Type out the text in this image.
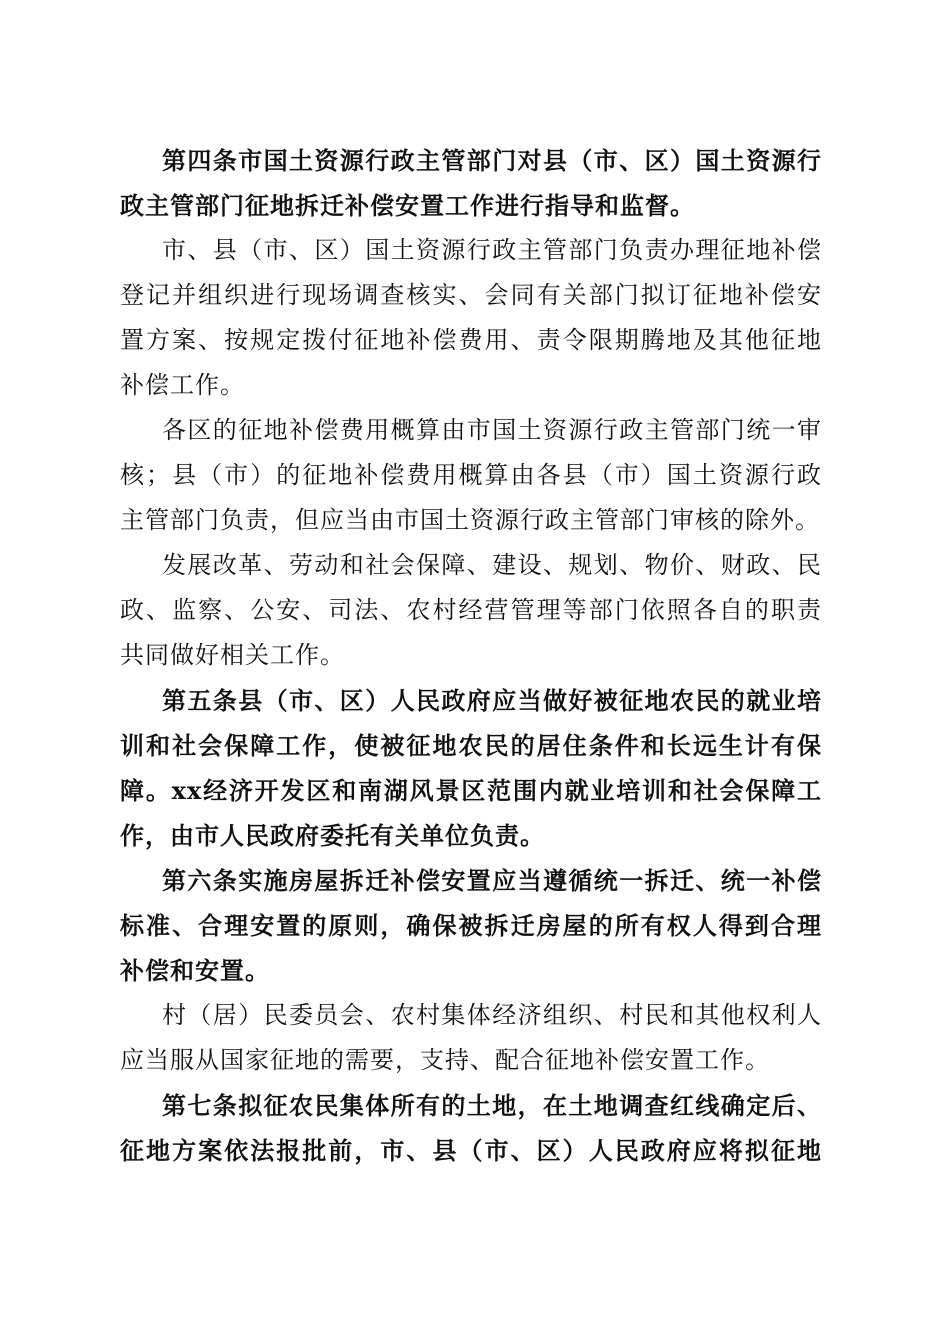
第四条市国土资源行政主管部门对县（市、区）国土资源行
政主管部门征地拆迁补偿安置工作进行指导和监督。
市、县（市、区）国土资源行政主管部门负责办理征地补偿
登记并组织进行现场调查核实、会同有关部门拟订征地补偿安
置方案、按规定拨付征地补偿费用、责令限期腾地及其他征地
补偿工作。
各区的征地补偿费用概算由市国土资源行政主管部门统一审
核；县（市）的征地补偿费用概算由各县（市）国土资源行政
主管部门负责，但应当由市国土资源行政主管部门审核的除外。
发展改革、劳动和社会保障、建设、规划、物价、财政、民
政、监察、公安、司法、农村经营管理等部门依照各自的职责
共同做好相关工作。
第五条县（市、区）人民政府应当做好被征地农民的就业培
训和社会保障工作，使被征地农民的居住条件和长远生计有保
障。xx经济开发区和南湖风景区范围内就业培训和社会保障工
作，由市人民政府委托有关单位负责。
第六条实施房屋拆迁补偿安置应当遵循统一拆迁、统一补偿
标准、合理安置的原则，确保被拆迁房屋的所有权人得到合理
补偿和安置。
村（居）民委员会、农村集体经济组织、村民和其他权利人
应当服从国家征地的需要，支持、配合征地补偿安置工作。
第七条拟征农民集体所有的土地，在土地调查红线确定后、
征地方案依法报批前，市、县（市、区）人民政府应将拟征地
